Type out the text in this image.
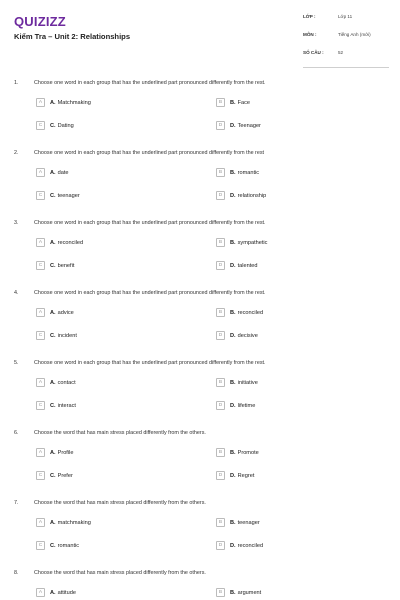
QUIZIZZ
Kiểm Tra – Unit 2: Relationships
LỚP :	Lớp 11
MÔN :	Tiếng Anh (mới)
SỐ CÂU :	52
1.	Choose one word in each group that has the underlined part pronounced differently from the rest.
A	A. Matchmaking	B	B. Face
C	C. Dating	D	D. Teenager
2.	Choose one word in each group that has the underlined part pronounced differently from the rest
A	A. date	B	B. romantic
C	C. teenager	D	D. relationship
3.	Choose one word in each group that has the underlined part pronounced differently from the rest.
A	A. reconciled	B	B. sympathetic
C	C. benefit	D	D. talented
4.	Choose one word in each group that has the underlined part pronounced differently from the rest.
A	A. advice	B	B. reconciled
C	C. incident	D	D. decisive
5.	Choose one word in each group that has the underlined part pronounced differently from the rest.
A	A. contact	B	B. initiative
C	C. interact	D	D. lifetime
6.	Choose the word that has main stress placed differently from the others.
A	A. Profile	B	B. Promote
C	C. Prefer	D	D. Regret
7.	Choose the word that has main stress placed differently from the others.
A	A. matchmaking	B	B. teenager
C	C. romantic	D	D. reconciled
8.	Choose the word that has main stress placed differently from the others.
A	A. attitude	B	B. argument
